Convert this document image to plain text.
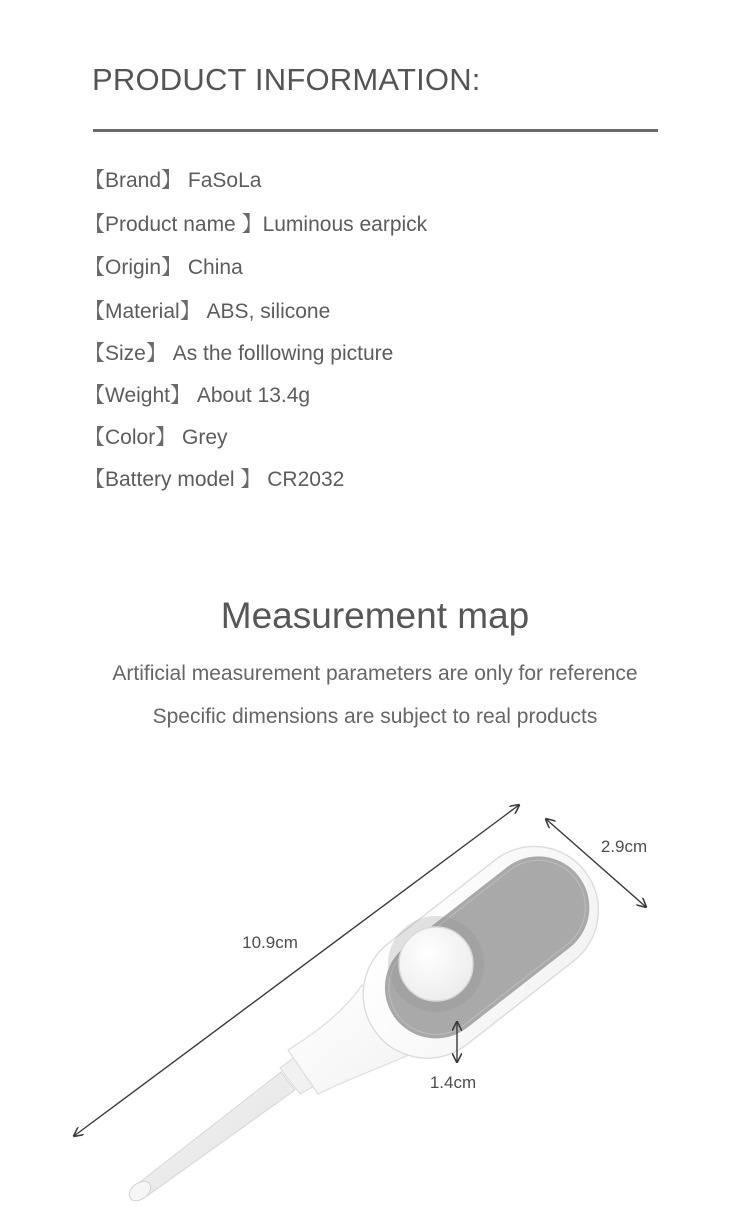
PRODUCT INFORMATION:
【Brand】 FaSoLa
【Product name 】Luminous earpick
【Origin】 China
【Material】 ABS, silicone
【Size】 As the folllowing picture
【Weight】 About 13.4g
【Color】 Grey
【Battery model 】 CR2032
Measurement map
Artificial measurement parameters are only for reference
Specific dimensions are subject to real products
10.9cm
2.9cm
1.4cm
